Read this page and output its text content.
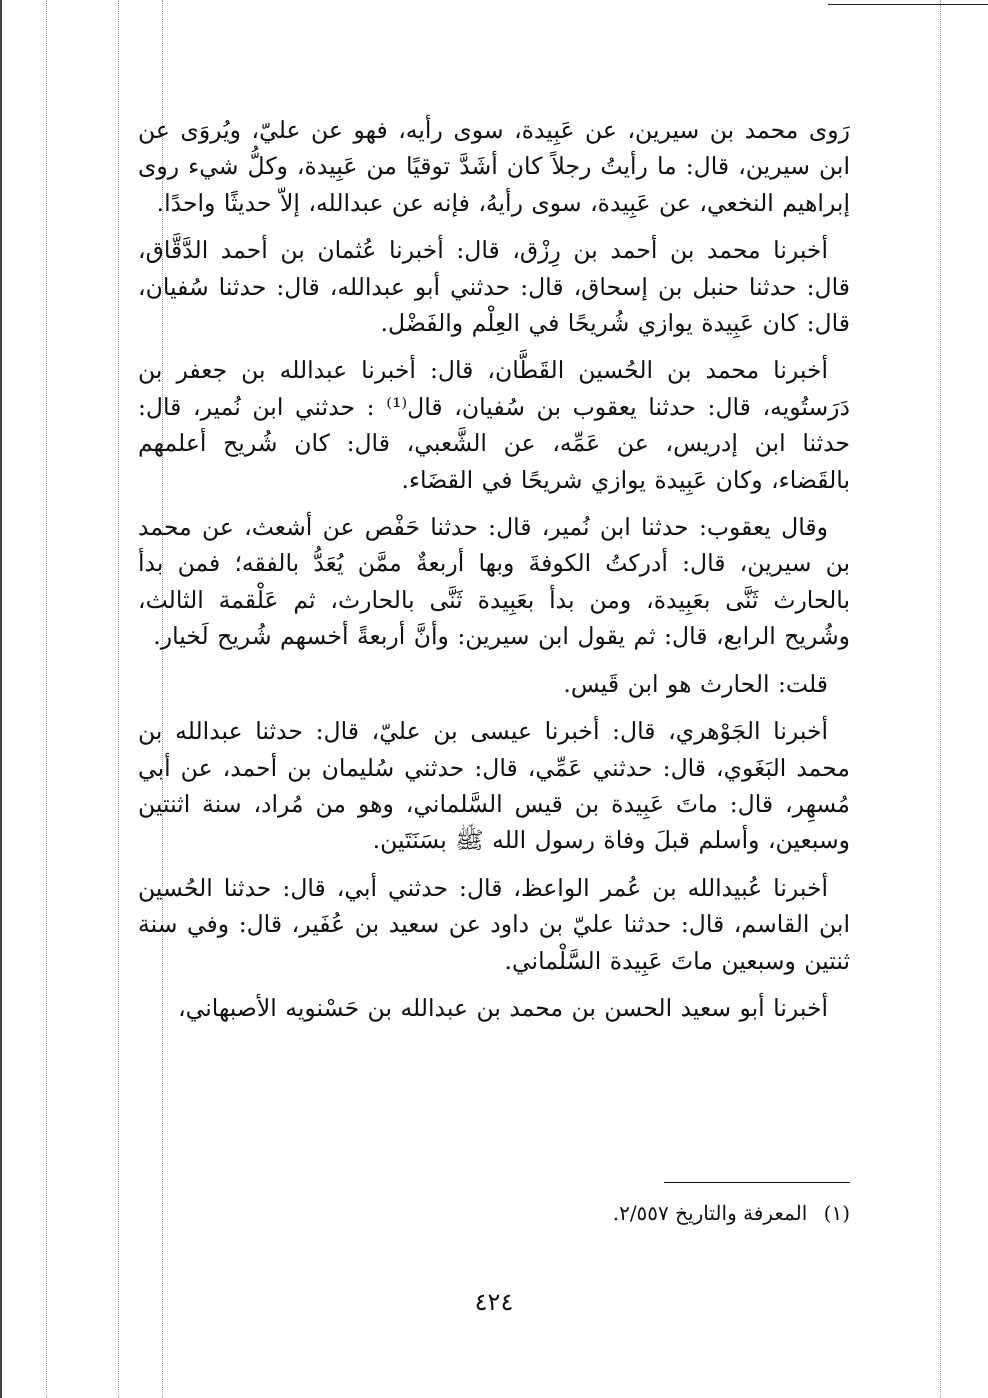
رَوى محمد بن سيرين، عن عَبِيدة، سوى رأيه، فهو عن عليّ، ويُروَى عن ابن سيرين، قال: ما رأيتُ رجلاً كان أشَدَّ توقيًا من عَبِيدة، وكلُّ شيء روى إبراهيم النخعي، عن عَبِيدة، سوى رأيهُ، فإنه عن عبدالله، إلاّ حديثًا واحدًا.

أخبرنا محمد بن أحمد بن رِزْق، قال: أخبرنا عُثمان بن أحمد الدَّقَّاق، قال: حدثنا حنبل بن إسحاق، قال: حدثني أبو عبدالله، قال: حدثنا سُفيان، قال: كان عَبِيدة يوازي شُريحًا في العِلْم والفَضْل.

أخبرنا محمد بن الحُسين القَطَّان، قال: أخبرنا عبدالله بن جعفر بن دَرَستُويه، قال: حدثنا يعقوب بن سُفيان، قال⁽¹⁾ : حدثني ابن نُمير، قال: حدثنا ابن إدريس، عن عَمِّه، عن الشَّعبي، قال: كان شُريح أعلمهم بالقَضاء، وكان عَبِيدة يوازي شريحًا في القضَاء.

وقال يعقوب: حدثنا ابن نُمير، قال: حدثنا حَفْص عن أشعث، عن محمد بن سيرين، قال: أدركتُ الكوفةَ وبها أربعةٌ ممَّن يُعَدُّ بالفقه؛ فمن بدأ بالحارث ثَنَّى بعَبِيدة، ومن بدأ بعَبِيدة ثَنَّى بالحارث، ثم عَلْقمة الثالث، وشُريح الرابع، قال: ثم يقول ابن سيرين: وأنَّ أربعةً أخسهم شُريح لَخيار.

قلت: الحارث هو ابن قَيس.

أخبرنا الجَوْهري، قال: أخبرنا عيسى بن عليّ، قال: حدثنا عبدالله بن محمد البَغَوي، قال: حدثني عَمِّي، قال: حدثني سُليمان بن أحمد، عن أبي مُسهِر، قال: ماتَ عَبِيدة بن قيس السَّلماني، وهو من مُراد، سنة اثنتين وسبعين، وأسلم قبلَ وفاة رسول الله ﷺ بسَنَتَين.

أخبرنا عُبيدالله بن عُمر الواعظ، قال: حدثني أبي، قال: حدثنا الحُسين ابن القاسم، قال: حدثنا عليّ بن داود عن سعيد بن عُفَير، قال: وفي سنة ثنتين وسبعين ماتَ عَبِيدة السَّلْماني.

أخبرنا أبو سعيد الحسن بن محمد بن عبدالله بن حَسْنويه الأصبهاني،

(١) المعرفة والتاريخ ٢/٥٥٧.
٤٢٤
